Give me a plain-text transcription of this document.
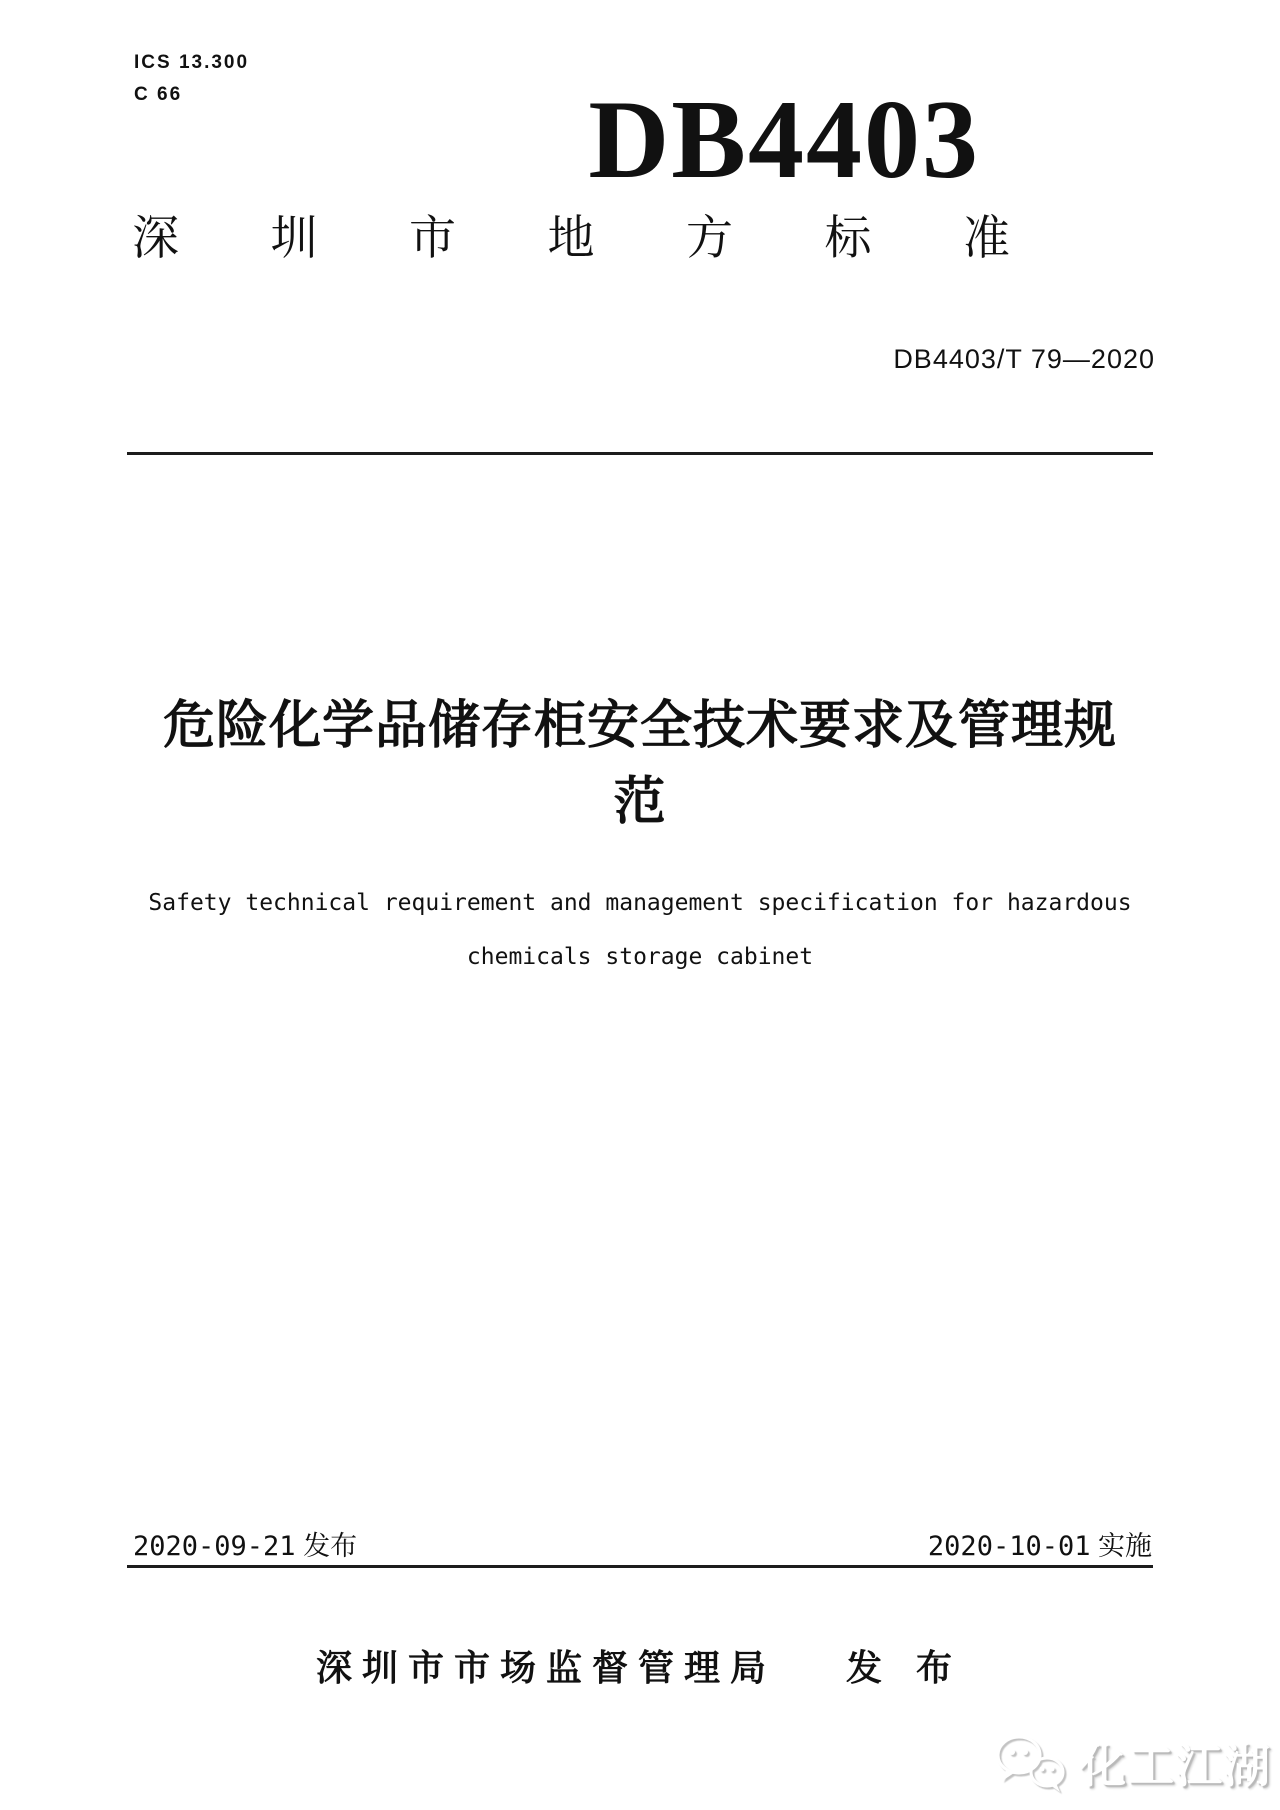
ICS 13.300
C 66	DB4403
深 圳 市 地 方 标 准
DB4403/T 79—2020
危险化学品储存柜安全技术要求及管理规
范
Safety technical requirement and management specification for hazardous
chemicals storage cabinet
2020-09-21 发布	2020-10-01 实施
深圳市市场监督管理局 发 布
化工江湖
